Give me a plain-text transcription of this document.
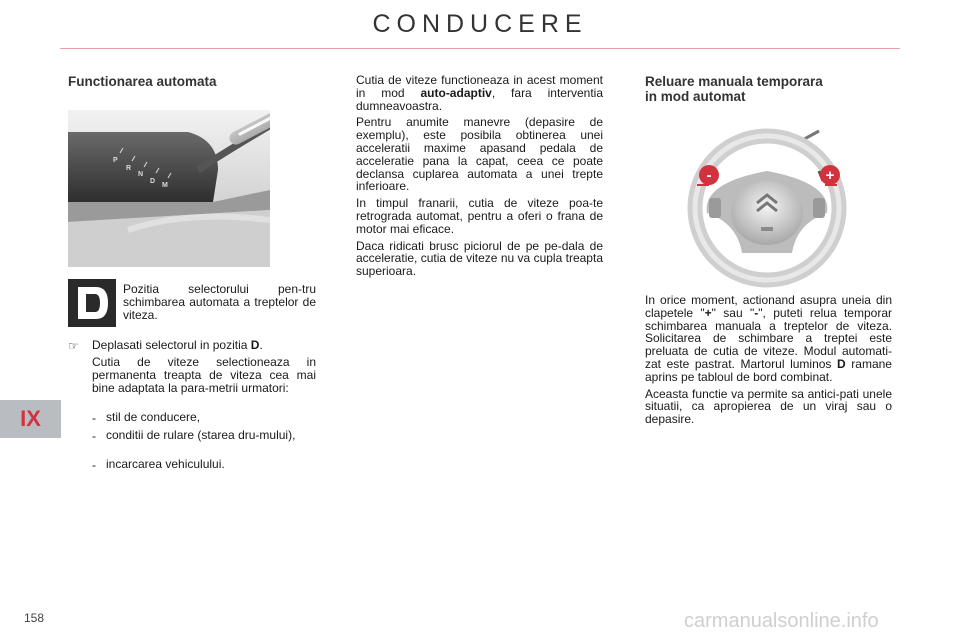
CONDUCERE
Functionarea automata
P
R
N
D
M
Pozitia selectorului pen-tru schimbarea automata a treptelor de viteza.
☞ Deplasati selectorul in pozitia D.
Cutia de viteze selectioneaza in permanenta treapta de viteza cea mai bine adaptata la para-metrii urmatori:
- stil de conducere,
- conditii de rulare (starea dru-mului),
- incarcarea vehiculului.

Cutia de viteze functioneaza in acest moment in mod auto-adaptiv, fara interventia dumneavoastra.

Pentru anumite manevre (depasire de exemplu), este posibila obtinerea unei acceleratii maxime apasand pedala de acceleratie pana la capat, ceea ce poate declansa cuplarea automata a unei trepte inferioare.

In timpul franarii, cutia de viteze poa-te retrograda automat, pentru a oferi o frana de motor mai eficace.

Daca ridicati brusc piciorul de pe pe-dala de acceleratie, cutia de viteze nu va cupla treapta superioara.

Reluare manuala temporara
in mod automat
-	+

In orice moment, actionand asupra uneia din clapetele "+" sau "-", puteti relua temporar schimbarea manuala a treptelor de viteza. Solicitarea de schimbare a treptei este preluata de cutia de viteze. Modul automati-zat este pastrat. Martorul luminos D ramane aprins pe tabloul de bord combinat.

Aceasta functie va permite sa antici-pati unele situatii, ca apropierea de un viraj sau o depasire.

IX
158	carmanualsonline.info
